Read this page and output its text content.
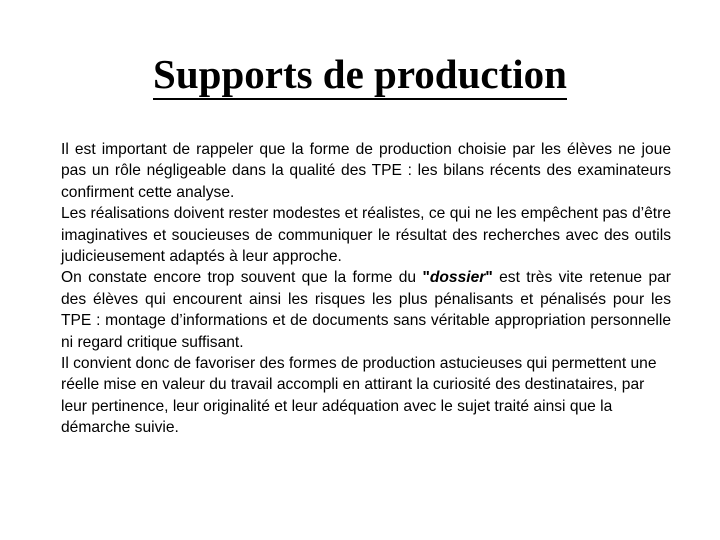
Supports de production

Il est important de rappeler que la forme de production choisie par les élèves ne joue pas un rôle négligeable dans la qualité des TPE : les bilans récents des examinateurs confirment cette analyse.

Les réalisations doivent rester modestes et réalistes, ce qui ne les empêchent pas d’être imaginatives et soucieuses de communiquer le résultat des recherches avec des outils judicieusement adaptés à leur approche.

On constate encore trop souvent que la forme du "dossier" est très vite retenue par des élèves qui encourent ainsi les risques les plus pénalisants et pénalisés pour les TPE : montage d’informations et de documents sans véritable appropriation personnelle ni regard critique suffisant.

Il convient donc de favoriser des formes de production astucieuses qui permettent une réelle mise en valeur du travail accompli en attirant la curiosité des destinataires, par leur pertinence, leur originalité et leur adéquation avec le sujet traité ainsi que la démarche suivie.
